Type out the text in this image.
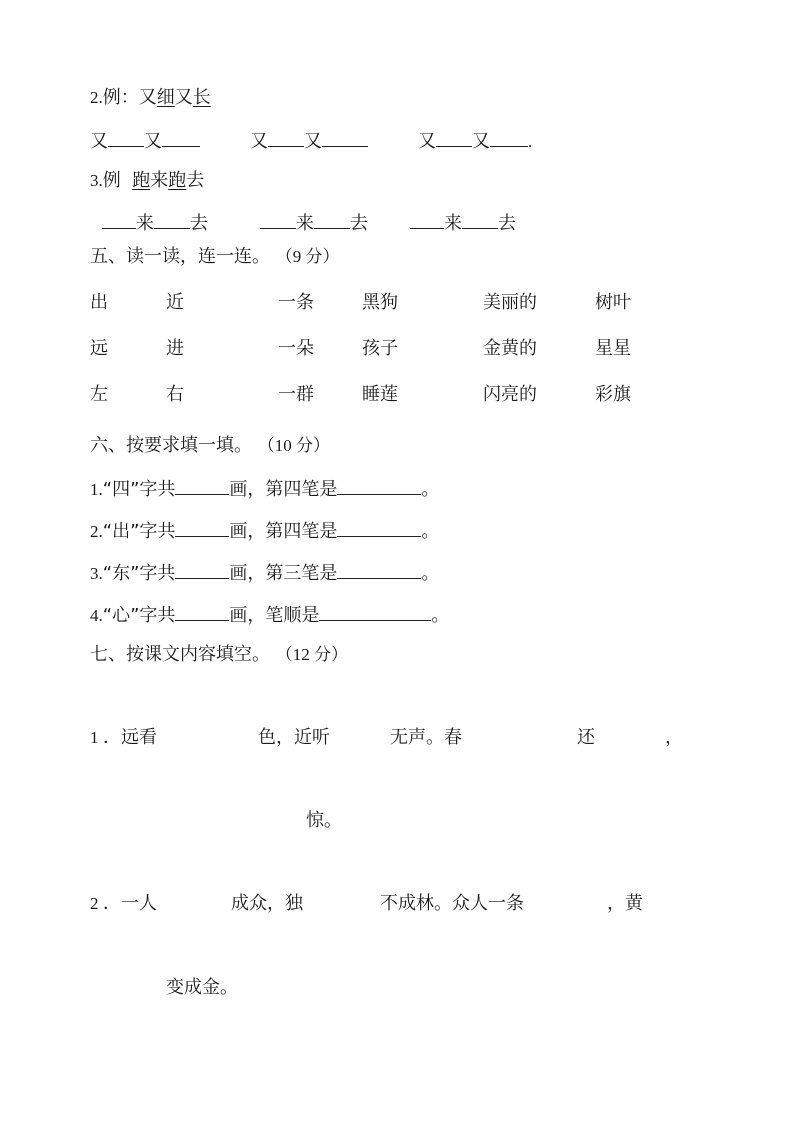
2.例：又细又长
又 又	又 又	又 又 .
3.例 跑来跑去
来 去	来 去	来 去
五、读一读，连一连。 （9 分）
出	近	一条	黑狗	美丽的	树叶
远	进	一朵	孩子	金黄的	星星
左	右	一群	睡莲	闪亮的	彩旗
六、按要求填一填。 （10 分）
1.“四”字共	画，第四笔是	。
2.“出”字共	画，第四笔是	。
3.“东”字共	画，第三笔是	。
4.“心”字共	画，笔顺是	。
七、按课文内容填空。 （12 分）
1 ．远看	色，近听	无声。春	还	，
惊。
2 ．一人	成众，独	不成林。众人一条	，黄
变成金。
